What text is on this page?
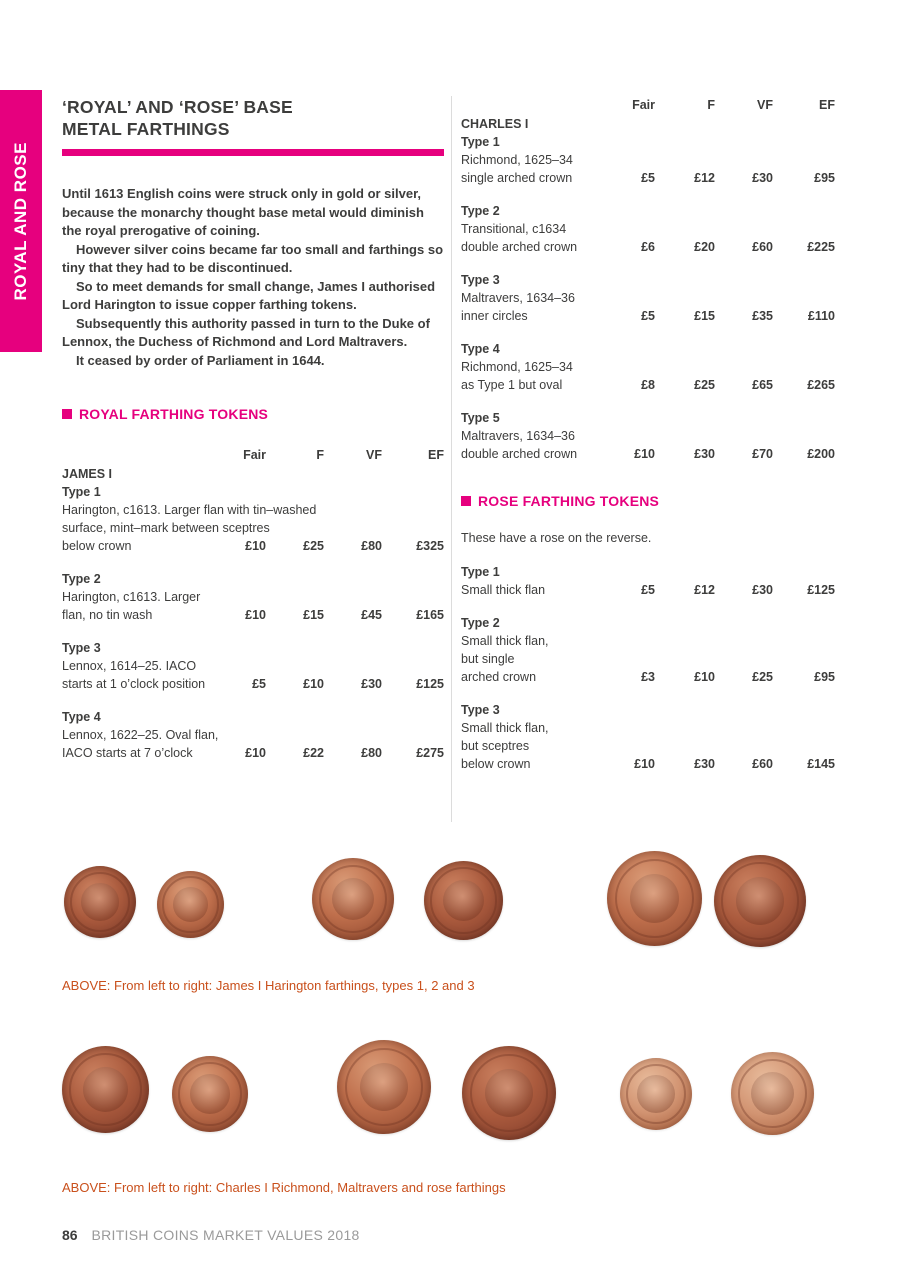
ROYAL AND ROSE
‘ROYAL’ AND ‘ROSE’ BASE
METAL FARTHINGS

Until 1613 English coins were struck only in gold or silver, because the monarchy thought base metal would diminish the royal prerogative of coining.

However silver coins became far too small and farthings so tiny that they had to be discontinued.

So to meet demands for small change, James I authorised Lord Harington to issue copper farthing tokens.

Subsequently this authority passed in turn to the Duke of Lennox, the Duchess of Richmond and Lord Maltravers.

It ceased by order of Parliament in 1644.

ROYAL FARTHING TOKENS
Fair	F	VF	EF
JAMES I
Type 1
Harington, c1613. Larger flan with tin–washed
surface, mint–mark between sceptres
below crown	£10	£25	£80	£325
Type 2
Harington, c1613. Larger
flan, no tin wash	£10	£15	£45	£165
Type 3
Lennox, 1614–25. IACO
starts at 1 o’clock position	£5	£10	£30	£125
Type 4
Lennox, 1622–25. Oval flan,
IACO starts at 7 o’clock	£10	£22	£80	£275
Fair	F	VF	EF
CHARLES I
Type 1
Richmond, 1625–34
single arched crown	£5	£12	£30	£95
Type 2
Transitional, c1634
double arched crown	£6	£20	£60	£225
Type 3
Maltravers, 1634–36
inner circles	£5	£15	£35	£110
Type 4
Richmond, 1625–34
as Type 1 but oval	£8	£25	£65	£265
Type 5
Maltravers, 1634–36
double arched crown	£10	£30	£70	£200
ROSE FARTHING TOKENS
These have a rose on the reverse.
Type 1
Small thick flan	£5	£12	£30	£125
Type 2
Small thick flan,
but single
arched crown	£3	£10	£25	£95
Type 3
Small thick flan,
but sceptres
below crown	£10	£30	£60	£145
ABOVE: From left to right: James I Harington farthings, types 1, 2 and 3
ABOVE: From left to right: Charles I Richmond, Maltravers and rose farthings
86 BRITISH COINS MARKET VALUES 2018
